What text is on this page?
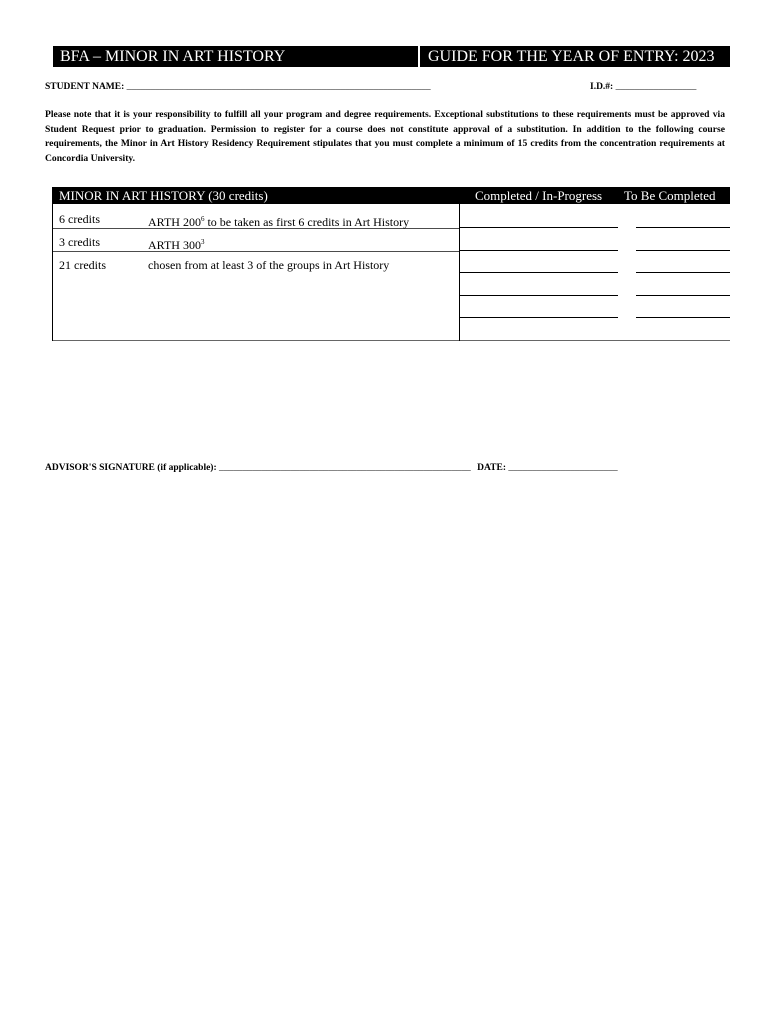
BFA – MINOR IN ART HISTORY	GUIDE FOR THE YEAR OF ENTRY: 2023
STUDENT NAME: ________________________________________________________________	I.D.#: _________________
Please note that it is your responsibility to fulfill all your program and degree requirements. Exceptional substitutions to these requirements must be approved via Student Request prior to graduation. Permission to register for a course does not constitute approval of a substitution. In addition to the following course requirements, the Minor in Art History Residency Requirement stipulates that you must complete a minimum of 15 credits from the concentration requirements at Concordia University.
MINOR IN ART HISTORY (30 credits)	Completed / In-Progress To Be Completed
6 credits	ARTH $200^6$ to be taken as first 6 credits in Art History
3 credits	ARTH $300^3$
21 credits	chosen from at least 3 of the groups in Art History
ADVISOR'S SIGNATURE (if applicable): _____________________________________________________ DATE: _______________________
